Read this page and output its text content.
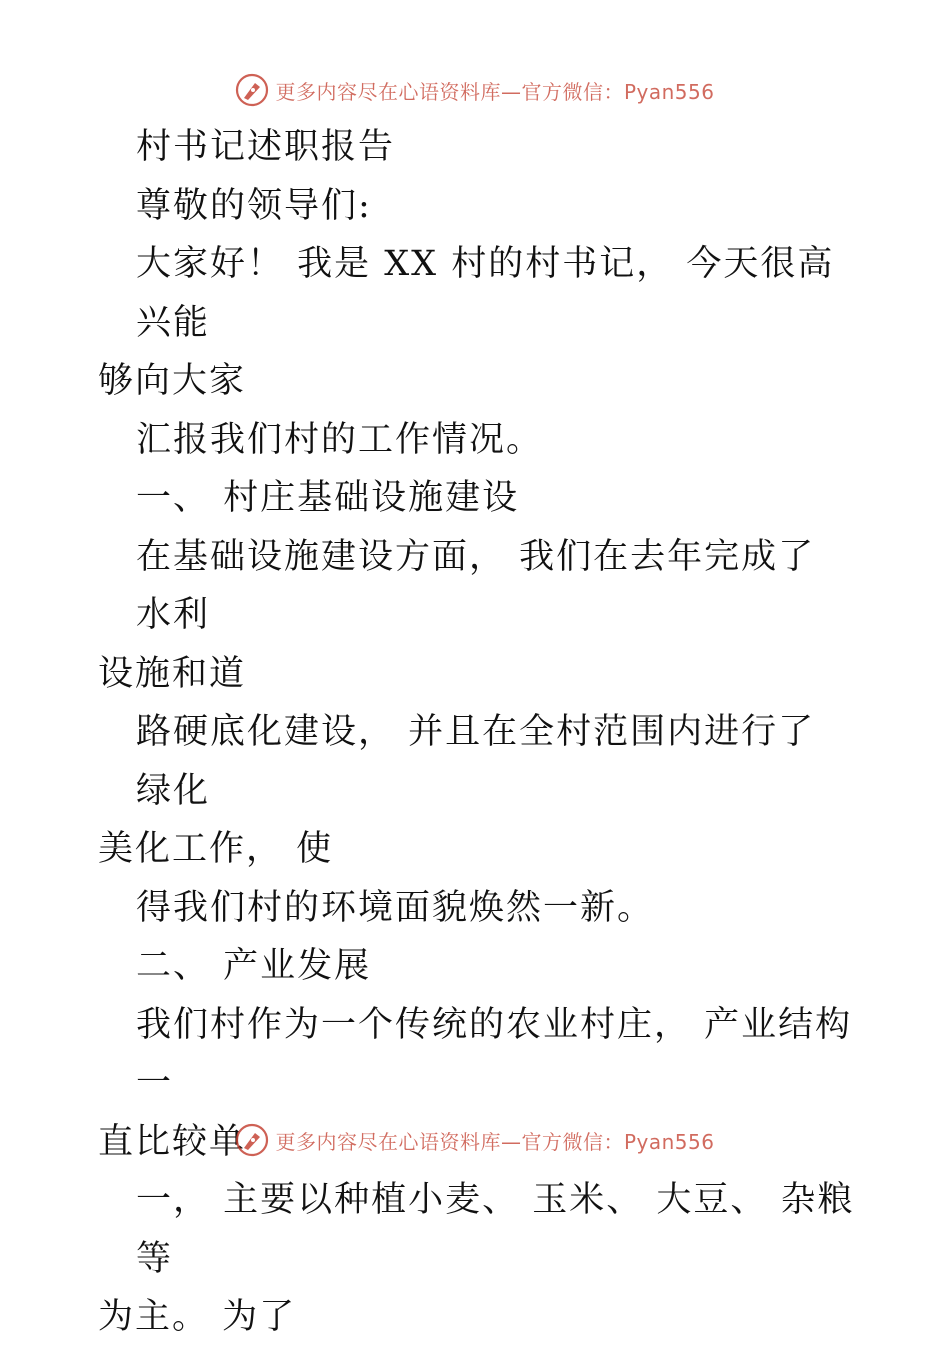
更多内容尽在心语资料库—官方微信：Pyan556

村书记述职报告

尊敬的领导们:

大家好！ 我是 XX 村的村书记， 今天很高兴能

够向大家

汇报我们村的工作情况。

一、 村庄基础设施建设

在基础设施建设方面， 我们在去年完成了 水利

设施和道

路硬底化建设， 并且在全村范围内进行了 绿化

美化工作， 使

得我们村的环境面貌焕然一新。

二、 产业发展

我们村作为一个传统的农业村庄， 产业结构一

直比较单

一， 主要以种植小麦、 玉米、 大豆、 杂粮等

为主。 为了

更多内容尽在心语资料库—官方微信：Pyan556
